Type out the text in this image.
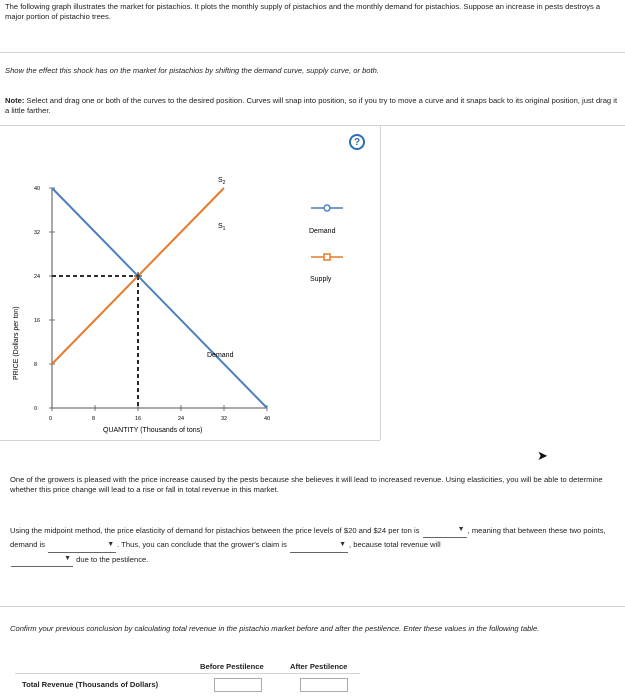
The following graph illustrates the market for pistachios. It plots the monthly supply of pistachios and the monthly demand for pistachios. Suppose an increase in pests destroys a major portion of pistachio trees.
Show the effect this shock has on the market for pistachios by shifting the demand curve, supply curve, or both.
Note: Select and drag one or both of the curves to the desired position. Curves will snap into position, so if you try to move a curve and it snaps back to its original position, just drag it a little farther.
?
0
8
16
24
32
40
0	8	16	24	32	40
PRICE (Dollars per ton)
QUANTITY (Thousands of tons)
$S_2$
$S_1$
Demand
Demand
Supply
➤
One of the growers is pleased with the price increase caused by the pests because she believes it will lead to increased revenue. Using elasticities, you will be able to determine whether this price change will lead to a rise or fall in total revenue in this market.
Using the midpoint method, the price elasticity of demand for pistachios between the price levels of $20 and $24 per ton is	▼ , meaning that between these two points, demand is	▼ . Thus, you can conclude that the grower's claim is	▼ , because total revenue will

▼ due to the pestilence.
Confirm your previous conclusion by calculating total revenue in the pistachio market before and after the pestilence. Enter these values in the following table.
Before Pestilence	After Pestilence
Total Revenue (Thousands of Dollars)
